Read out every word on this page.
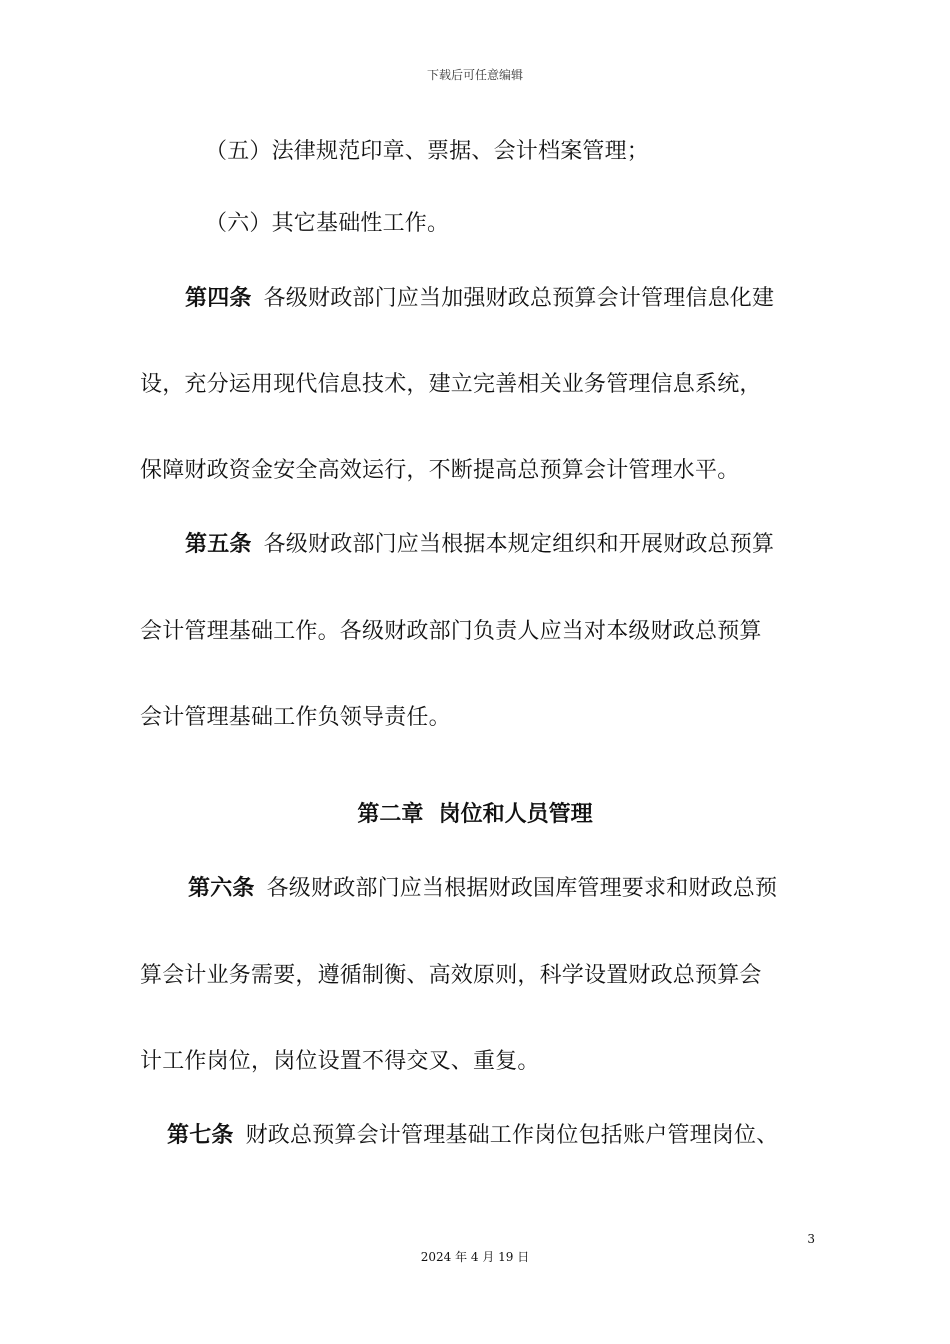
下载后可任意编辑
（五）法律规范印章、票据、会计档案管理；
（六）其它基础性工作。
第四条 各级财政部门应当加强财政总预算会计管理信息化建
设，充分运用现代信息技术，建立完善相关业务管理信息系统，
保障财政资金安全高效运行，不断提高总预算会计管理水平。
第五条 各级财政部门应当根据本规定组织和开展财政总预算
会计管理基础工作。各级财政部门负责人应当对本级财政总预算
会计管理基础工作负领导责任。
第二章  岗位和人员管理
第六条 各级财政部门应当根据财政国库管理要求和财政总预
算会计业务需要，遵循制衡、高效原则，科学设置财政总预算会
计工作岗位，岗位设置不得交叉、重复。
第七条 财政总预算会计管理基础工作岗位包括账户管理岗位、
3
2024 年 4 月 19 日
